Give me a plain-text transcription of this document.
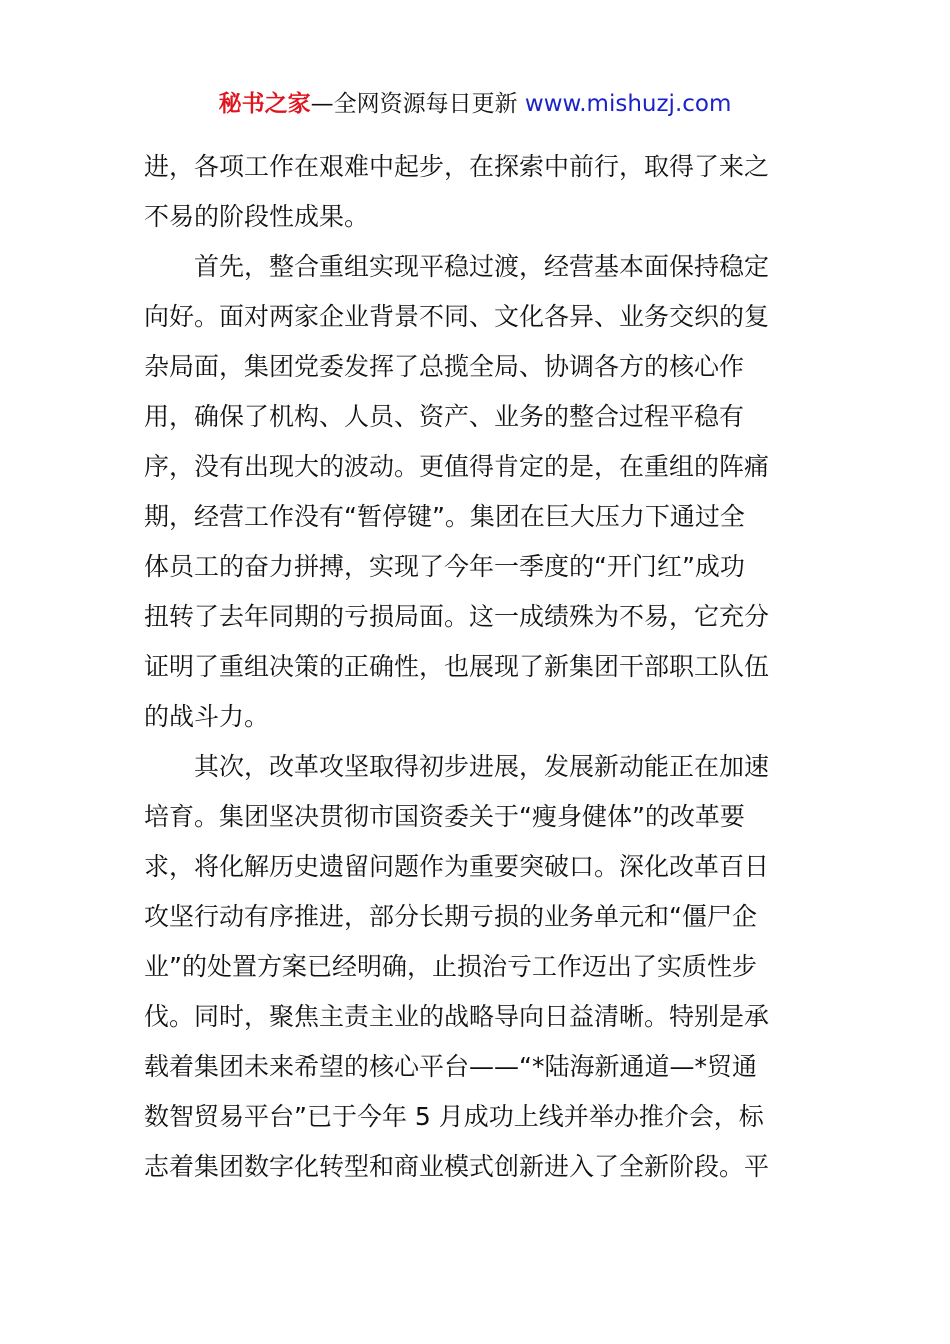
秘书之家—全网资源每日更新 www.mishuzj.com
进，各项工作在艰难中起步，在探索中前行，取得了来之
不易的阶段性成果。
首先，整合重组实现平稳过渡，经营基本面保持稳定
向好。面对两家企业背景不同、文化各异、业务交织的复
杂局面，集团党委发挥了总揽全局、协调各方的核心作
用，确保了机构、人员、资产、业务的整合过程平稳有
序，没有出现大的波动。更值得肯定的是，在重组的阵痛
期，经营工作没有“暂停键”。集团在巨大压力下通过全
体员工的奋力拼搏，实现了今年一季度的“开门红”成功
扭转了去年同期的亏损局面。这一成绩殊为不易，它充分
证明了重组决策的正确性，也展现了新集团干部职工队伍
的战斗力。
其次，改革攻坚取得初步进展，发展新动能正在加速
培育。集团坚决贯彻市国资委关于“瘦身健体”的改革要
求，将化解历史遗留问题作为重要突破口。深化改革百日
攻坚行动有序推进，部分长期亏损的业务单元和“僵尸企
业”的处置方案已经明确，止损治亏工作迈出了实质性步
伐。同时，聚焦主责主业的战略导向日益清晰。特别是承
载着集团未来希望的核心平台——“*陆海新通道—*贸通
数智贸易平台”已于今年 5 月成功上线并举办推介会，标
志着集团数字化转型和商业模式创新进入了全新阶段。平
